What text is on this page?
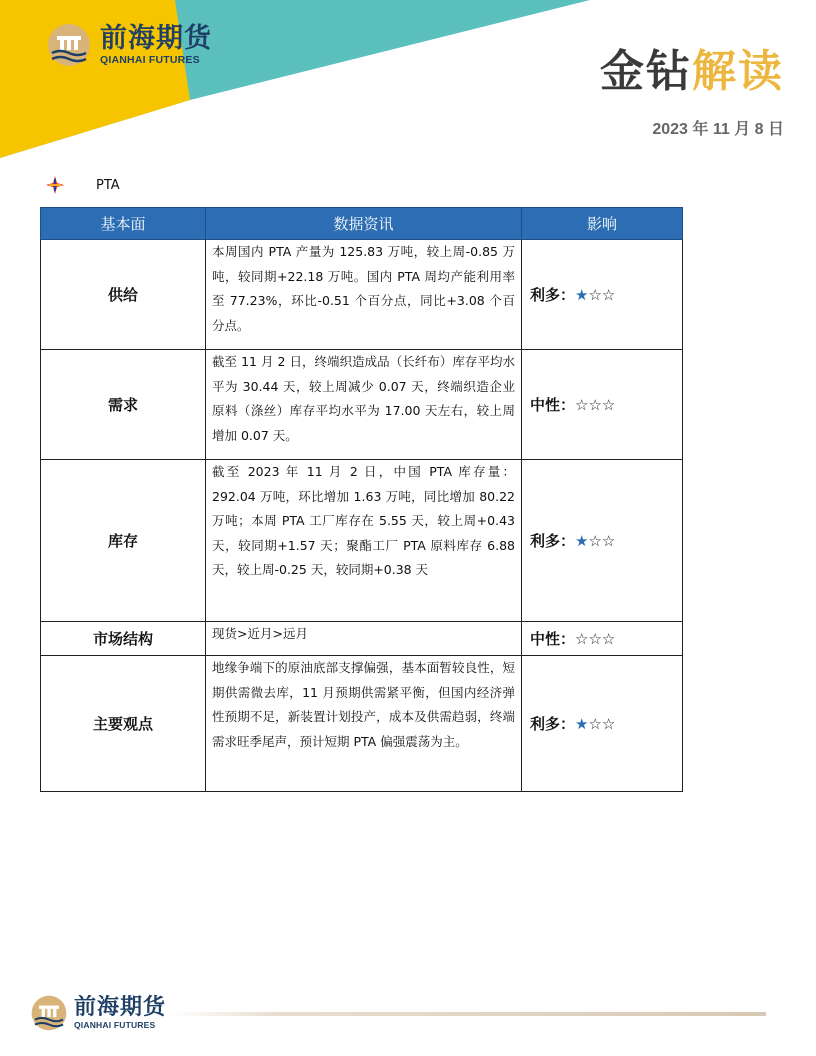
前海期货
QIANHAI FUTURES	金钻解读
2023 年 11 月 8 日
PTA
基本面	数据资讯	影响
供给	本周国内 PTA 产量为 125.83 万吨，较上周-0.85 万吨，较同期+22.18 万吨。国内 PTA 周均产能利用率至 77.23%，环比-0.51 个百分点，同比+3.08 个百分点。	利多：★☆☆
需求	截至 11 月 2 日，终端织造成品（长纤布）库存平均水平为 30.44 天，较上周减少 0.07 天，终端织造企业原料（涤丝）库存平均水平为 17.00 天左右，较上周增加 0.07 天。	中性：☆☆☆
库存	截至 2023 年 11 月 2 日，中国 PTA 库存量：292.04 万吨，环比增加 1.63 万吨，同比增加 80.22 万吨；本周 PTA 工厂库存在 5.55 天，较上周+0.43 天，较同期+1.57 天；聚酯工厂 PTA 原料库存 6.88 天，较上周-0.25 天，较同期+0.38 天	利多：★☆☆
市场结构	现货>近月>远月	中性：☆☆☆
主要观点	地缘争端下的原油底部支撑偏强，基本面暂较良性，短期供需微去库，11 月预期供需紧平衡，但国内经济弹性预期不足，新装置计划投产，成本及供需趋弱，终端需求旺季尾声，预计短期 PTA 偏强震荡为主。	利多：★☆☆
前海期货
QIANHAI FUTURES
